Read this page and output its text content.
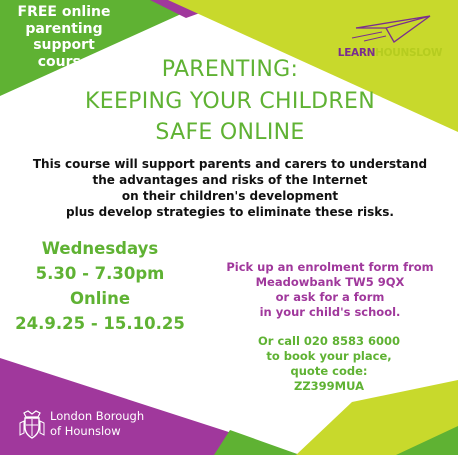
FREE online
parenting
support
course
LEARNHOUNSLOW
PARENTING:
KEEPING YOUR CHILDREN
SAFE ONLINE
This course will support parents and carers to understand
the advantages and risks of the Internet
on their children's development
plus develop strategies to eliminate these risks.
Wednesdays
5.30 - 7.30pm
Online
24.9.25 - 15.10.25
Pick up an enrolment form from
Meadowbank TW5 9QX
or ask for a form
in your child's school.
Or call 020 8583 6000
to book your place,
quote code:
ZZ399MUA
London Borough
of Hounslow
